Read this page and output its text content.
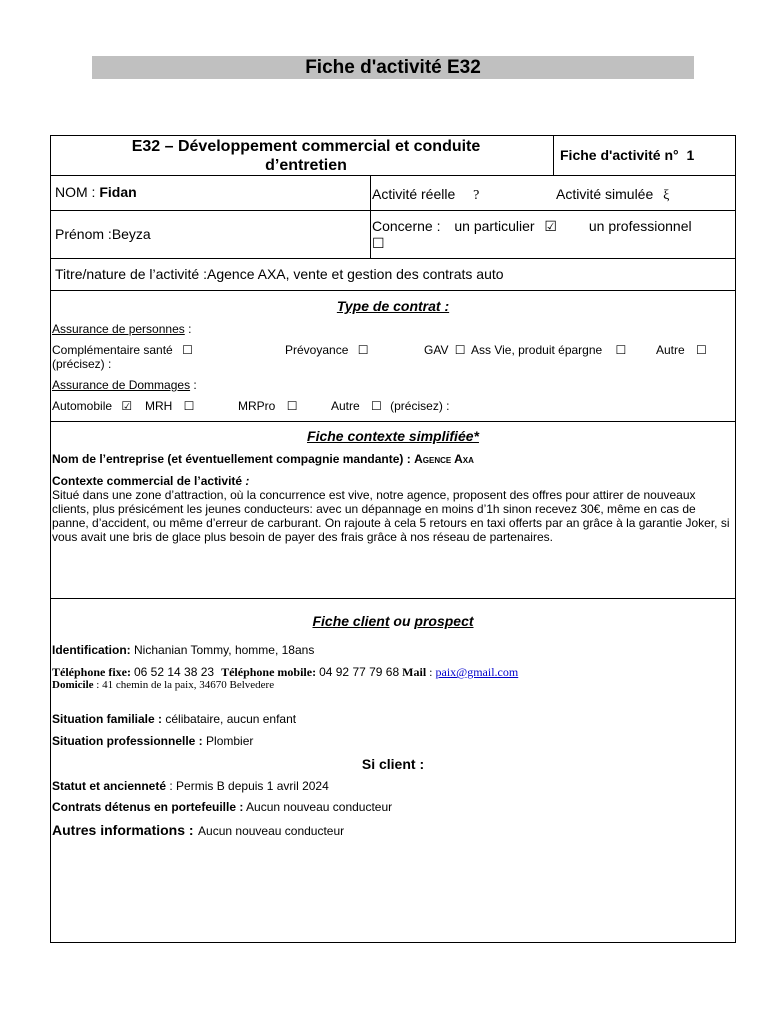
Fiche d'activité E32
E32 – Développement commercial et conduite d’entretien
Fiche d'activité n° 1
NOM : Fidan	Activité réelle ?	Activité simulée ξ
Prénom :Beyza	Concerne : un particulier ☑ un professionnel
☐
Titre/nature de l’activité :Agence AXA, vente et gestion des contrats auto
Type de contrat :
Assurance de personnes :
Complémentaire santé ☐	Prévoyance ☐	GAV ☐ Ass Vie, produit épargne ☐ Autre ☐
(précisez) :
Assurance de Dommages :
Automobile ☑ MRH ☐	MRPro ☐	Autre ☐ (précisez) :
Fiche contexte simplifiée*
Nom de l’entreprise (et éventuellement compagnie mandante) : Agence Axa
Contexte commercial de l’activité :
Situé dans une zone d’attraction, où la concurrence est vive, notre agence, proposent des offres pour attirer de nouveaux clients, plus présicément les jeunes conducteurs: avec un dépannage en moins d’1h sinon recevez 30€, même en cas de panne, d’accident, ou même d’erreur de carburant. On rajoute à cela 5 retours en taxi offerts par an grâce à la garantie Joker, si vous avait une bris de glace plus besoin de payer des frais grâce à nos réseau de partenaires.
Fiche client ou prospect
Identification: Nichanian Tommy, homme, 18ans
Téléphone fixe: 06 52 14 38 23 Téléphone mobile: 04 92 77 79 68 Mail : paix@gmail.com
Domicile : 41 chemin de la paix, 34670 Belvedere
Situation familiale : célibataire, aucun enfant
Situation professionnelle : Plombier
Si client :
Statut et ancienneté : Permis B depuis 1 avril 2024
Contrats détenus en portefeuille : Aucun nouveau conducteur
Autres informations : Aucun nouveau conducteur
